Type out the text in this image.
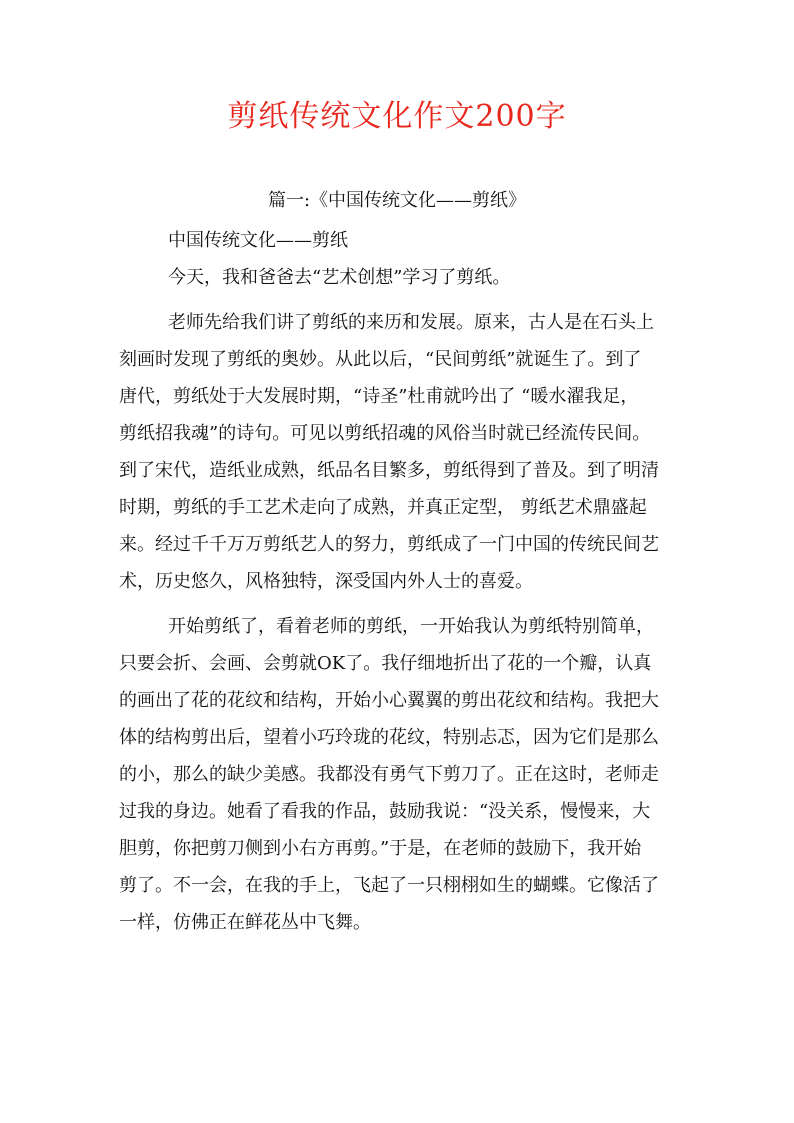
剪纸传统文化作文200字
篇一:《中国传统文化——剪纸》
中国传统文化——剪纸
今天，我和爸爸去“艺术创想”学习了剪纸。
老师先给我们讲了剪纸的来历和发展。原来，古人是在石头上
刻画时发现了剪纸的奥妙。从此以后，“民间剪纸”就诞生了。到了
唐代，剪纸处于大发展时期，“诗圣”杜甫就吟出了 “暖水濯我足，
剪纸招我魂”的诗句。可见以剪纸招魂的风俗当时就已经流传民间。
到了宋代，造纸业成熟，纸品名目繁多，剪纸得到了普及。到了明清
时期，剪纸的手工艺术走向了成熟，并真正定型， 剪纸艺术鼎盛起
来。经过千千万万剪纸艺人的努力，剪纸成了一门中国的传统民间艺
术，历史悠久，风格独特，深受国内外人士的喜爱。
开始剪纸了，看着老师的剪纸，一开始我认为剪纸特别简单，
只要会折、会画、会剪就OK了。我仔细地折出了花的一个瓣，认真
的画出了花的花纹和结构，开始小心翼翼的剪出花纹和结构。我把大
体的结构剪出后，望着小巧玲珑的花纹，特别忐忑，因为它们是那么
的小，那么的缺少美感。我都没有勇气下剪刀了。正在这时，老师走
过我的身边。她看了看我的作品，鼓励我说：“没关系，慢慢来，大
胆剪，你把剪刀侧到小右方再剪。”于是，在老师的鼓励下，我开始
剪了。不一会，在我的手上，飞起了一只栩栩如生的蝴蝶。它像活了
一样，仿佛正在鲜花丛中飞舞。
